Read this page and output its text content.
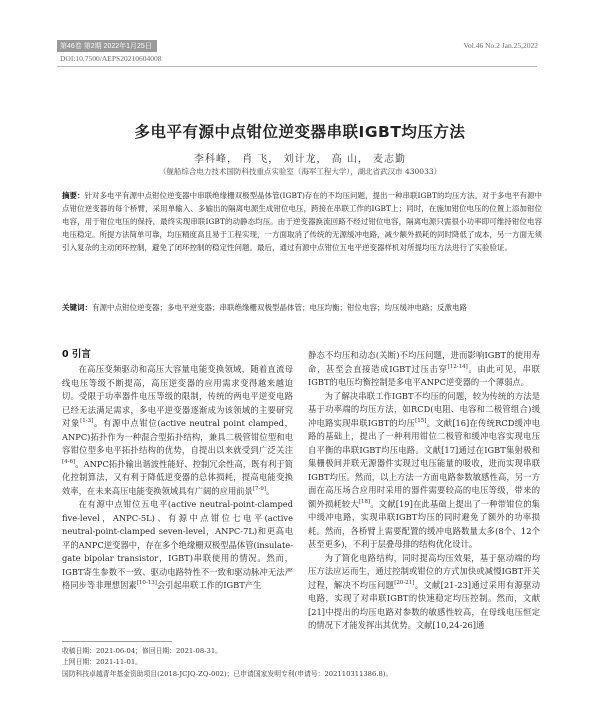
第46卷 第2期 2022年1月25日	Vol.46 No.2 Jan.25,2022
DOI:10.7500/AEPS20210604008
多电平有源中点钳位逆变器串联IGBT均压方法
李科峰， 肖 飞， 刘计龙， 高 山， 麦志勤
（舰船综合电力技术国防科技重点实验室（海军工程大学），湖北省武汉市 430033）
摘要：针对多电平有源中点钳位逆变器中串联绝缘栅双极型晶体管(IGBT)存在的不均压问题，提出一种串联IGBT的均压方法。对于多电平有源中点钳位逆变器的每个桥臂，采用单输入、多输出的隔离电源生成钳位电压，跨接在串联工作的IGBT上；同时，在施加钳位电压的位置上添加钳位电容，用于钳位电压的保持，最终实现串联IGBT的动静态均压。由于逆变器换流回路不经过钳位电容，隔离电源只需很小功率即可维持钳位电容电压稳定。所提方法简单可靠，均压精度高且易于工程实现，一方面取消了传统的无源缓冲电路，减少额外损耗的同时降低了成本，另一方面无须引入复杂的主动闭环控制，避免了闭环控制的稳定性问题。最后，通过有源中点钳位五电平逆变器样机对所提均压方法进行了实验验证。
关键词：有源中点钳位逆变器；多电平逆变器；串联绝缘栅双极型晶体管；电压均衡；钳位电容；均压缓冲电路；反激电路
0 引言

在高压变频驱动和高压大容量电能变换领域，随着直流母线电压等级不断提高，高压逆变器的应用需求变得越来越迫切。受限于功率器件电压等级的限制，传统的两电平逆变电路已经无法满足需求，多电平逆变器逐渐成为该领域的主要研究对象[1-3]。有源中点钳位(active neutral point clamped，ANPC)拓扑作为一种混合型拓扑结构，兼具二极管钳位型和电容钳位型多电平拓扑结构的优势，自提出以来就受到广泛关注[4-6]。ANPC拓扑输出谐波性能好、控制冗余性高，既有利于简化控制算法，又有利于降低逆变器的总体损耗，提高电能变换效率，在未来高压电能变换领域具有广阔的应用前景[7-9]。

在有源中点钳位五电平(active neutral-point-clamped five-level，ANPC-5L)、有源中点钳位七电平(active neutral-point-clamped seven-level，ANPC-7L)和更高电平的ANPC逆变器中，存在多个绝缘栅双极型晶体管(insulate-gate bipolar transistor，IGBT)串联使用的情况。然而，IGBT寄生参数不一致、驱动电路特性不一致和驱动脉冲无法严格同步等非理想因素[10-13]会引起串联工作的IGBT产生

静态不均压和动态(关断)不均压问题，进而影响IGBT的使用寿命，甚至会直接造成IGBT过压击穿[12-14]。由此可见，串联IGBT的电压均衡控制是多电平ANPC逆变器的一个薄弱点。

为了解决串联工作IGBT不均压的问题，较为传统的方法是基于功率端的均压方法，如RCD(电阻、电容和二极管组合)缓冲电路实现串联IGBT的均压[15]。文献[16]在传统RCD缓冲电路的基础上，提出了一种利用钳位二极管和缓冲电容实现电压自平衡的串联IGBT均压电路。文献[17]通过在IGBT集射极和集栅极间并联无源器件实现过电压能量的吸收，进而实现串联IGBT均压。然而，以上方法一方面电路参数敏感性高，另一方面在高压场合应用时采用的器件需要较高的电压等级，带来的额外损耗较大[18]。文献[19]在此基础上提出了一种带钳位的集中缓冲电路，实现串联IGBT均压的同时避免了额外的功率损耗。然而，各桥臂上需要配置的缓冲电路数量太多(8个、12个甚至更多)，不利于层叠母排的结构优化设计。

为了简化电路结构，同时提高均压效果，基于驱动端的均压方法应运而生，通过控制或钳位的方式加快或减慢IGBT开关过程，解决不均压问题[20-21]。文献[21-23]通过采用有源驱动电路，实现了对串联IGBT的快速稳定均压控制。然而，文献[21]中提出的均压电路对参数的敏感性较高，在母线电压恒定的情况下才能发挥出其优势。文献[10,24-26]通

收稿日期：2021-06-04；修回日期：2021-08-31。
上网日期：2021-11-01。
国防科技卓越青年基金资助项目(2018-JCJQ-ZQ-002)；已申请国家发明专利(申请号：202110311386.8)。
